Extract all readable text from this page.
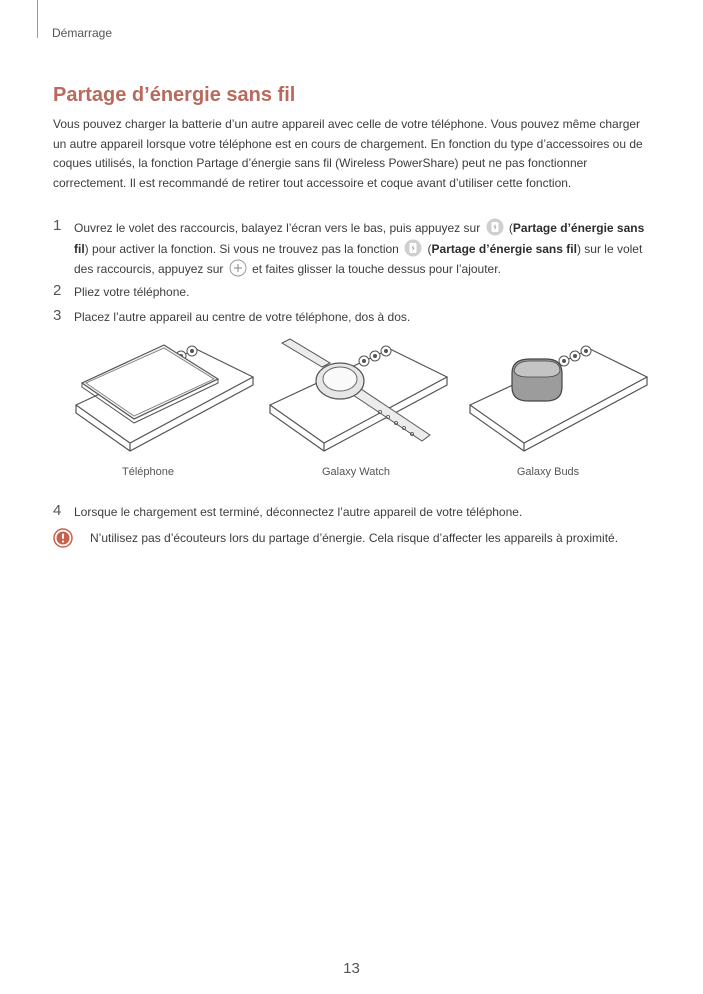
Démarrage
Partage d’énergie sans fil

Vous pouvez charger la batterie d’un autre appareil avec celle de votre téléphone. Vous pouvez même charger un autre appareil lorsque votre téléphone est en cours de chargement. En fonction du type d’accessoires ou de coques utilisés, la fonction Partage d’énergie sans fil (Wireless PowerShare) peut ne pas fonctionner correctement. Il est recommandé de retirer tout accessoire et coque avant d’utiliser cette fonction.

1 Ouvrez le volet des raccourcis, balayez l’écran vers le bas, puis appuyez sur  (Partage d’énergie sans fil) pour activer la fonction. Si vous ne trouvez pas la fonction  (Partage d’énergie sans fil) sur le volet des raccourcis, appuyez sur et faites glisser la touche dessus pour l’ajouter.
2 Pliez votre téléphone.
3 Placez l’autre appareil au centre de votre téléphone, dos à dos.
Téléphone	Galaxy Watch	Galaxy Buds
4 Lorsque le chargement est terminé, déconnectez l’autre appareil de votre téléphone.
N’utilisez pas d’écouteurs lors du partage d’énergie. Cela risque d’affecter les appareils à proximité.
13
